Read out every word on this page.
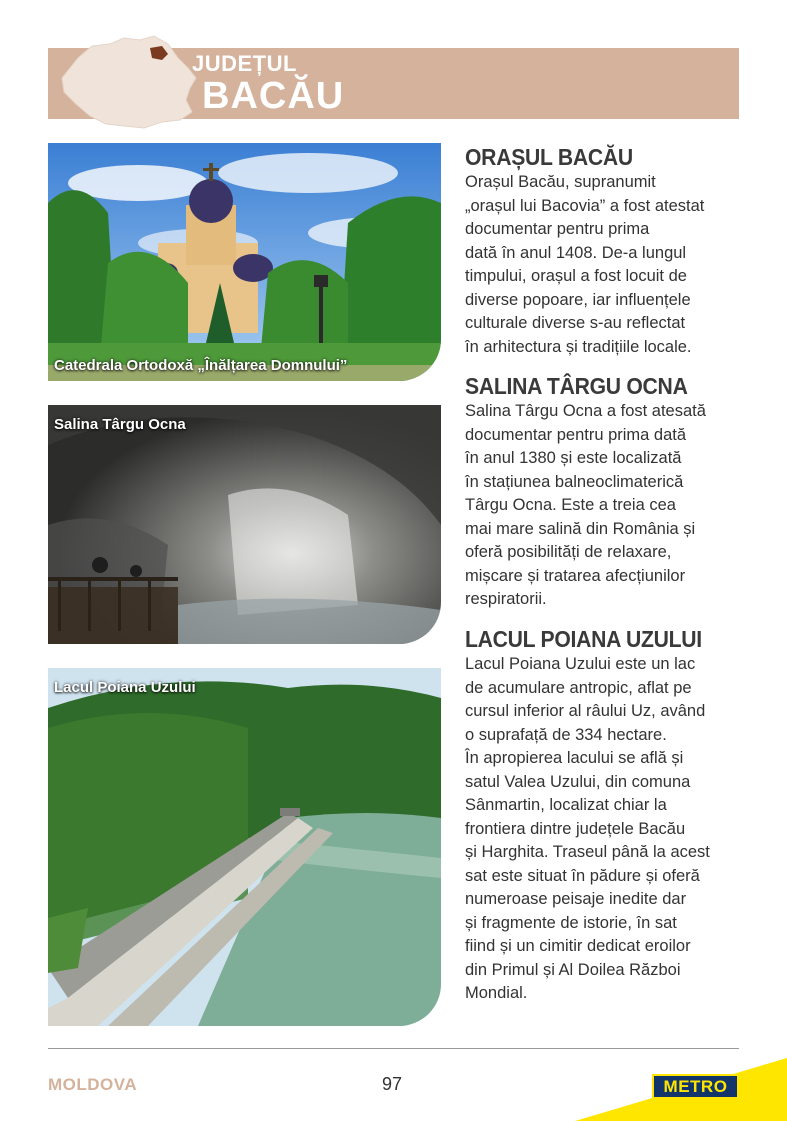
JUDEȚUL
BACĂU
Catedrala Ortodoxă „Înălțarea Domnului”
Salina Târgu Ocna
Lacul Poiana Uzului
ORAȘUL BACĂU

Orașul Bacău, supranumit

„orașul lui Bacovia” a fost atestat

documentar pentru prima

dată în anul 1408. De-a lungul

timpului, orașul a fost locuit de

diverse popoare, iar influențele

culturale diverse s-au reflectat

în arhitectura și tradițiile locale.

SALINA TÂRGU OCNA

Salina Târgu Ocna a fost atesată

documentar pentru prima dată

în anul 1380 și este localizată

în stațiunea balneoclimaterică

Târgu Ocna. Este a treia cea

mai mare salină din România și

oferă posibilități de relaxare,

mișcare și tratarea afecțiunilor

respiratorii.

LACUL POIANA UZULUI

Lacul Poiana Uzului este un lac

de acumulare antropic, aflat pe

cursul inferior al râului Uz, având

o suprafață de 334 hectare.

În apropierea lacului se află și

satul Valea Uzului, din comuna

Sânmartin, localizat chiar la

frontiera dintre județele Bacău

și Harghita. Traseul până la acest

sat este situat în pădure și oferă

numeroase peisaje inedite dar

și fragmente de istorie, în sat

fiind și un cimitir dedicat eroilor

din Primul și Al Doilea Război

Mondial.

MOLDOVA	97	METRO
